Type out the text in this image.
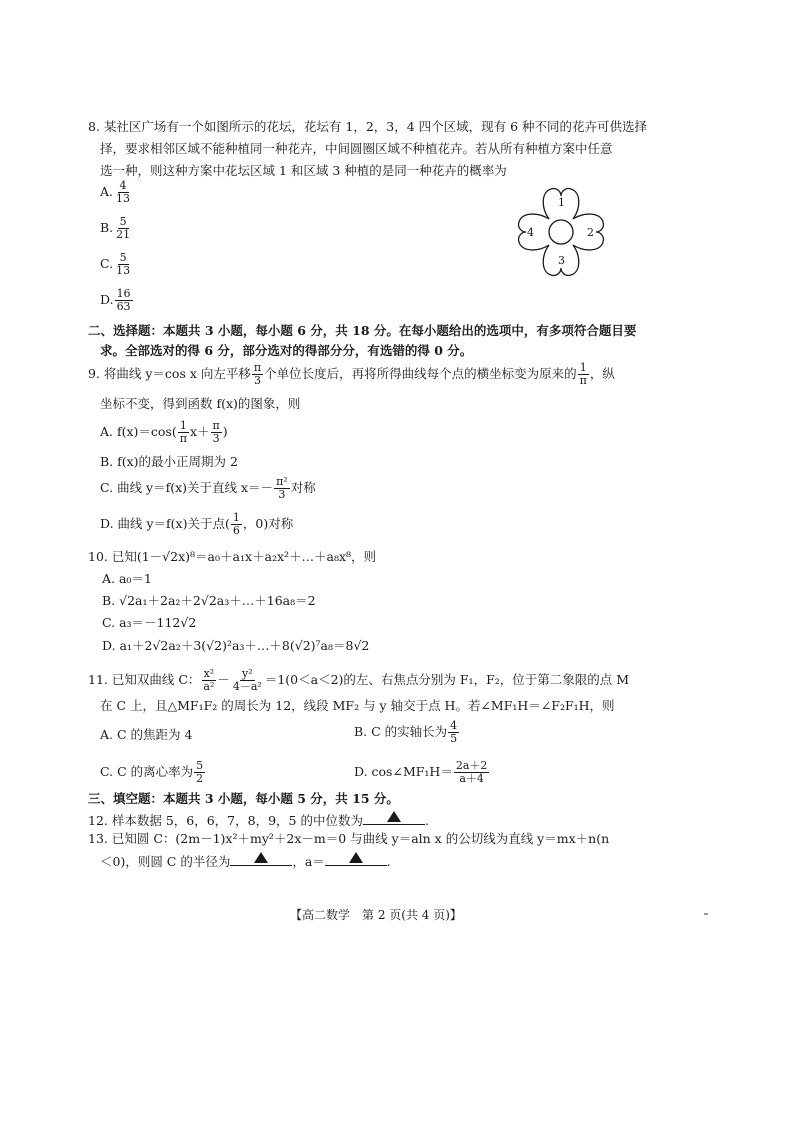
8. 某社区广场有一个如图所示的花坛，花坛有 1，2，3，4 四个区域，现有 6 种不同的花卉可供选择
择，要求相邻区域不能种植同一种花卉，中间圆圈区域不种植花卉。若从所有种植方案中任意
选一种，则这种方案中花坛区域 1 和区域 3 种植的是同一种花卉的概率为
A. $\frac{4}{13}$
B. $\frac{5}{21}$
C. $\frac{5}{13}$
D. $\frac{16}{63}$
1
2
3
4
二、选择题：本题共 3 小题，每小题 6 分，共 18 分。在每小题给出的选项中，有多项符合题目要
求。全部选对的得 6 分，部分选对的得部分分，有选错的得 0 分。
9. 将曲线 y＝cos x 向左平移 $\frac{\pi}{3}$ 个单位长度后，再将所得曲线每个点的横坐标变为原来的 $\frac{1}{\pi}$ ，纵
坐标不变，得到函数 f(x)的图象，则
A. $f(x)=\cos( \frac{1}{\pi} x+ \frac{\pi}{3}$ )
B. f(x)的最小正周期为 2
C. 曲线 y＝f(x)关于直线 $x=- \frac{\text{π²}}{3}$ 对称
D. 曲线 y＝f(x)关于点( $\frac{1}{6}$ ，0)对称
10. 已知(1－√2x)⁸＝a₀＋a₁x＋a₂x²＋…＋a₈x⁸，则
A. a₀＝1
B. √2a₁＋2a₂＋2√2a₃＋…＋16a₈＝2
C. a₃＝－112√2
D. a₁＋2√2a₂＋3(√2)²a₃＋…＋8(√2)⁷a₈＝8√2
11. 已知双曲线 C： $\frac{\text{x²}}{\text{a²}} - \frac{\text{y²}}{\text{4－a²}} =1(0<a<2)$的左、右焦点分别为 F₁，F₂，位于第二象限的点 M
在 C 上，且△MF₁F₂ 的周长为 12，线段 MF₂ 与 y 轴交于点 H。若∠MF₁H＝∠F₂F₁H，则
A. C 的焦距为 4	B. C 的实轴长为 $\frac{4}{5}$
C. C 的离心率为 $\frac{5}{2}$	D. cos∠MF₁H＝ $\frac{2a+2}{a+4}$
三、填空题：本题共 3 小题，每小题 5 分，共 15 分。
12. 样本数据 5，6，6，7，8，9，5 的中位数为	.
13. 已知圆 C：(2m－1)x²＋my²＋2x－m＝0 与曲线 y＝aln x 的公切线为直线 y＝mx＋n(n
＜0)，则圆 C 的半径为	，a＝	.
【高二数学　第 2 页(共 4 页)】
